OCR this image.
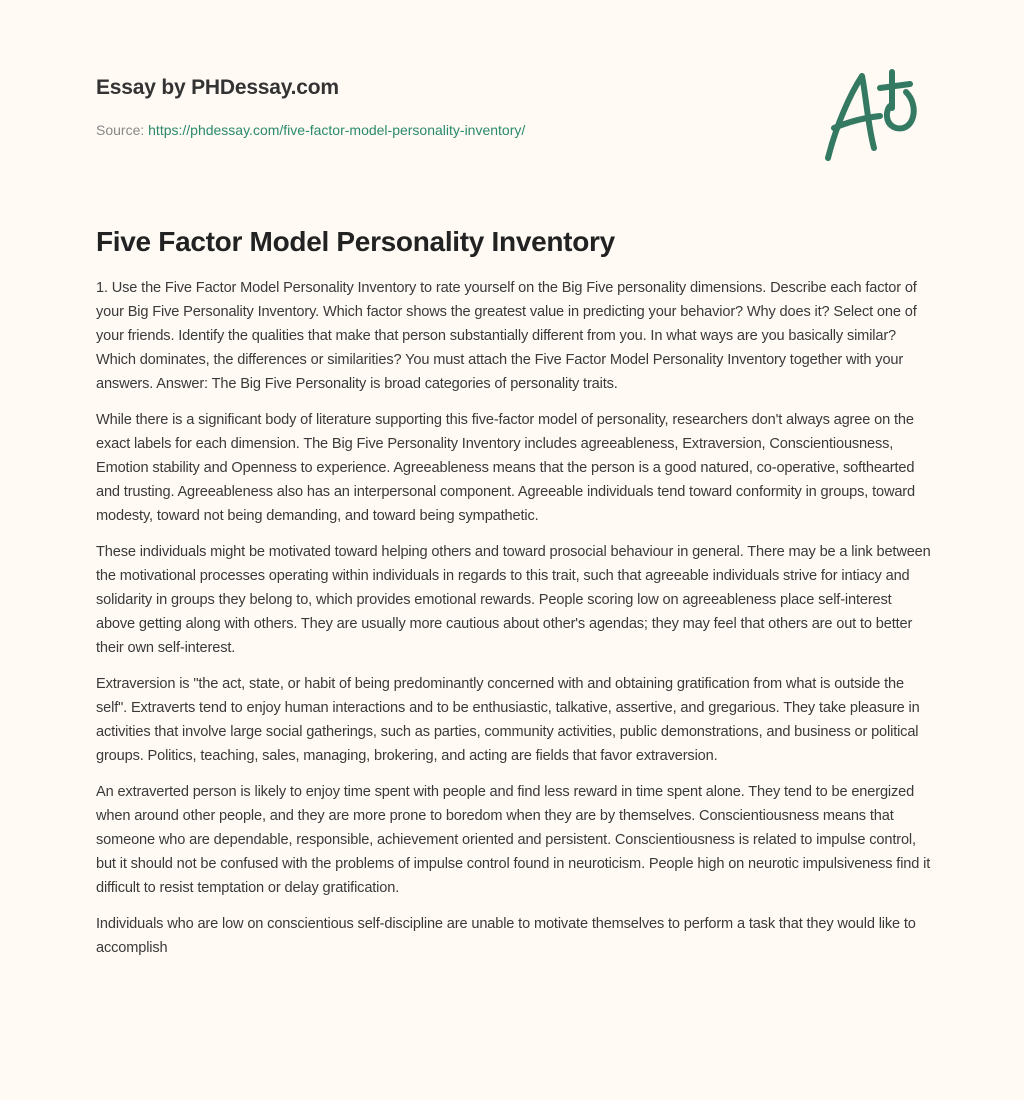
Essay by PHDessay.com
Source: https://phdessay.com/five-factor-model-personality-inventory/
Five Factor Model Personality Inventory

1. Use the Five Factor Model Personality Inventory to rate yourself on the Big Five personality dimensions. Describe each factor of your Big Five Personality Inventory. Which factor shows the greatest value in predicting your behavior? Why does it? Select one of your friends. Identify the qualities that make that person substantially different from you. In what ways are you basically similar? Which dominates, the differences or similarities? You must attach the Five Factor Model Personality Inventory together with your answers. Answer: The Big Five Personality is broad categories of personality traits.

While there is a significant body of literature supporting this five-factor model of personality, researchers don't always agree on the exact labels for each dimension. The Big Five Personality Inventory includes agreeableness, Extraversion, Conscientiousness, Emotion stability and Openness to experience. Agreeableness means that the person is a good natured, co-operative, softhearted and trusting. Agreeableness also has an interpersonal component. Agreeable individuals tend toward conformity in groups, toward modesty, toward not being demanding, and toward being sympathetic.

These individuals might be motivated toward helping others and toward prosocial behaviour in general. There may be a link between the motivational processes operating within individuals in regards to this trait, such that agreeable individuals strive for intiacy and solidarity in groups they belong to, which provides emotional rewards. People scoring low on agreeableness place self-interest above getting along with others. They are usually more cautious about other's agendas; they may feel that others are out to better their own self-interest.

Extraversion is "the act, state, or habit of being predominantly concerned with and obtaining gratification from what is outside the self". Extraverts tend to enjoy human interactions and to be enthusiastic, talkative, assertive, and gregarious. They take pleasure in activities that involve large social gatherings, such as parties, community activities, public demonstrations, and business or political groups. Politics, teaching, sales, managing, brokering, and acting are fields that favor extraversion.

An extraverted person is likely to enjoy time spent with people and find less reward in time spent alone. They tend to be energized when around other people, and they are more prone to boredom when they are by themselves. Conscientiousness means that someone who are dependable, responsible, achievement oriented and persistent. Conscientiousness is related to impulse control, but it should not be confused with the problems of impulse control found in neuroticism. People high on neurotic impulsiveness find it difficult to resist temptation or delay gratification.

Individuals who are low on conscientious self-discipline are unable to motivate themselves to perform a task that they would like to accomplish
